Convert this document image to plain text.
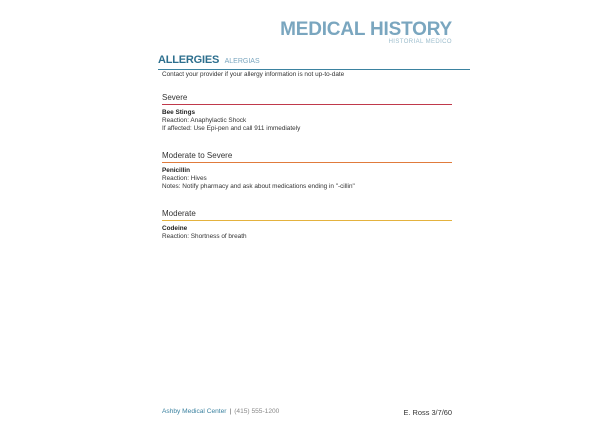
MEDICAL HISTORY
HISTORIAL MEDICO
ALLERGIES ALERGIAS
Contact your provider if your allergy information is not up-to-date
Severe
Bee Stings
Reaction: Anaphylactic Shock
If affected: Use Epi-pen and call 911 immediately
Moderate to Severe
Penicillin
Reaction: Hives
Notes: Notify pharmacy and ask about medications ending in "-cillin"
Moderate
Codeine
Reaction: Shortness of breath
Ashby Medical Center | (415) 555-1200	E. Ross 3/7/60
